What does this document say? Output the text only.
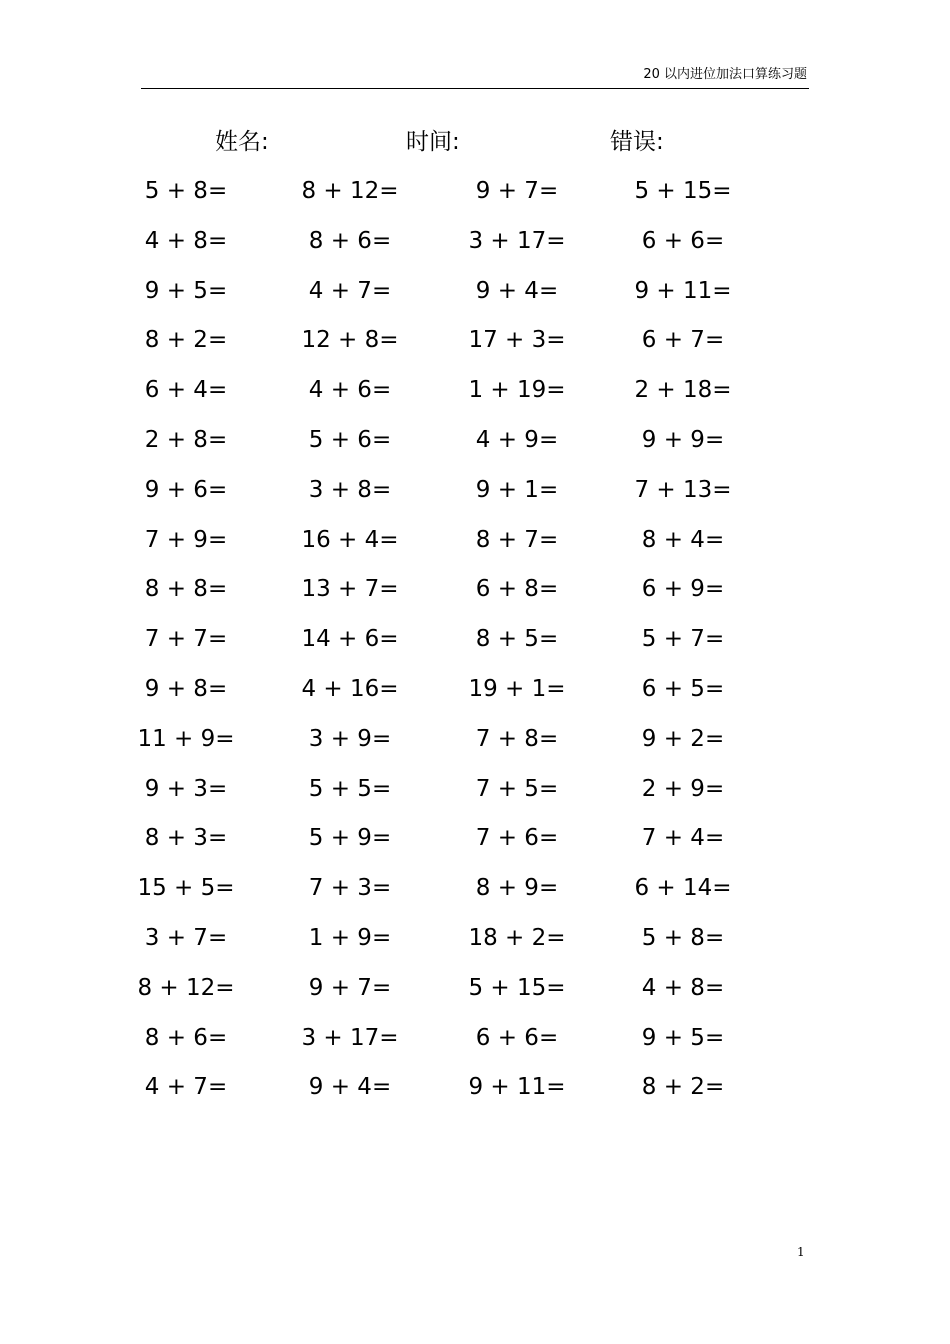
20 以内进位加法口算练习题
姓名:	时间:	错误:
5 + 8=	8 + 12=	9 + 7=	5 + 15=
4 + 8=	8 + 6=	3 + 17=	6 + 6=
9 + 5=	4 + 7=	9 + 4=	9 + 11=
8 + 2=	12 + 8=	17 + 3=	6 + 7=
6 + 4=	4 + 6=	1 + 19=	2 + 18=
2 + 8=	5 + 6=	4 + 9=	9 + 9=
9 + 6=	3 + 8=	9 + 1=	7 + 13=
7 + 9=	16 + 4=	8 + 7=	8 + 4=
8 + 8=	13 + 7=	6 + 8=	6 + 9=
7 + 7=	14 + 6=	8 + 5=	5 + 7=
9 + 8=	4 + 16=	19 + 1=	6 + 5=
11 + 9=	3 + 9=	7 + 8=	9 + 2=
9 + 3=	5 + 5=	7 + 5=	2 + 9=
8 + 3=	5 + 9=	7 + 6=	7 + 4=
15 + 5=	7 + 3=	8 + 9=	6 + 14=
3 + 7=	1 + 9=	18 + 2=	5 + 8=
8 + 12=	9 + 7=	5 + 15=	4 + 8=
8 + 6=	3 + 17=	6 + 6=	9 + 5=
4 + 7=	9 + 4=	9 + 11=	8 + 2=
1
